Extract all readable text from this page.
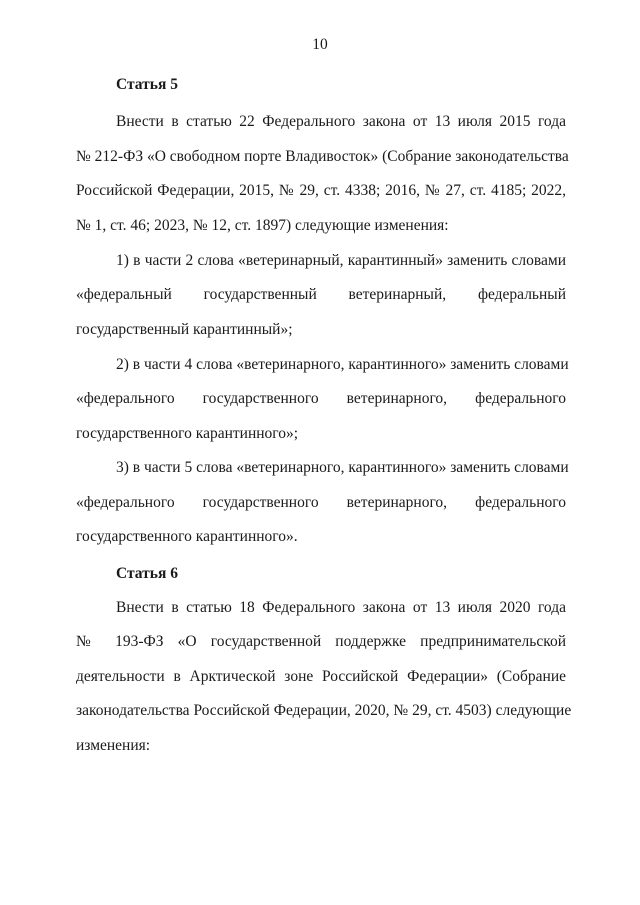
10
Статья 5
Внести в статью 22 Федерального закона от 13 июля 2015 года
№ 212-ФЗ «О свободном порте Владивосток» (Собрание законодательства
Российской Федерации, 2015, № 29, ст. 4338; 2016, № 27, ст. 4185; 2022,
№ 1, ст. 46; 2023, № 12, ст. 1897) следующие изменения:
1) в части 2 слова «ветеринарный, карантинный» заменить словами
«федеральный государственный ветеринарный, федеральный
государственный карантинный»;
2) в части 4 слова «ветеринарного, карантинного» заменить словами
«федерального государственного ветеринарного, федерального
государственного карантинного»;
3) в части 5 слова «ветеринарного, карантинного» заменить словами
«федерального государственного ветеринарного, федерального
государственного карантинного».
Статья 6
Внести в статью 18 Федерального закона от 13 июля 2020 года
№ 193-ФЗ «О государственной поддержке предпринимательской
деятельности в Арктической зоне Российской Федерации» (Собрание
законодательства Российской Федерации, 2020, № 29, ст. 4503) следующие
изменения:
